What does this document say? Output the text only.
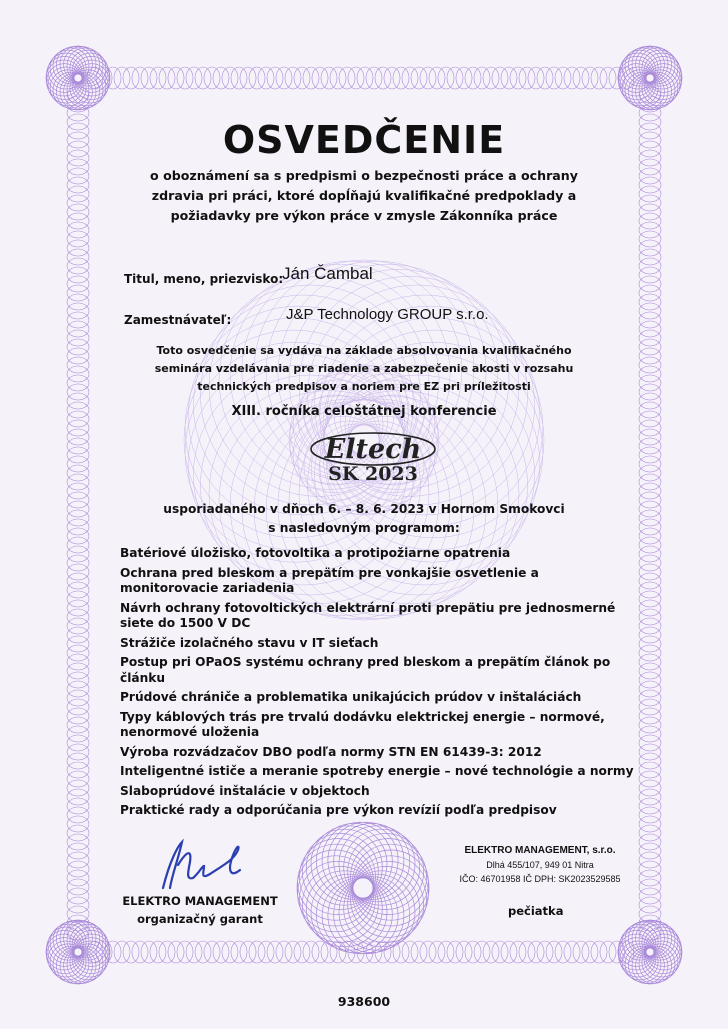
Eltech
SK 2023
OSVEDČENIE
o oboznámení sa s predpismi o bezpečnosti práce a ochrany
zdravia pri práci, ktoré dopĺňajú kvalifikačné predpoklady a
požiadavky pre výkon práce v zmysle Zákonníka práce
Titul, meno, priezvisko:
Ján Čambal
Zamestnávateľ:	J&P Technology GROUP s.r.o.
Toto osvedčenie sa vydáva na základe absolvovania kvalifikačného
seminára vzdelávania pre riadenie a zabezpečenie akosti v rozsahu
technických predpisov a noriem pre EZ pri príležitosti
XIII. ročníka celoštátnej konferencie
usporiadaného v dňoch 6. – 8. 6. 2023 v Hornom Smokovci
s nasledovným programom:
Batériové úložisko, fotovoltika a protipožiarne opatrenia
Ochrana pred bleskom a prepätím pre vonkajšie osvetlenie a monitorovacie zariadenia
Návrh ochrany fotovoltických elektrární proti prepätiu pre jednosmerné siete do 1500 V DC
Strážiče izolačného stavu v IT sieťach
Postup pri OPaOS systému ochrany pred bleskom a prepätím článok po článku
Prúdové chrániče a problematika unikajúcich prúdov v inštaláciách
Typy káblových trás pre trvalú dodávku elektrickej energie – normové, nenormové uloženia
Výroba rozvádzačov DBO podľa normy STN EN 61439-3: 2012
Inteligentné ističe a meranie spotreby energie – nové technológie a normy
Slaboprúdové inštalácie v objektoch
Praktické rady a odporúčania pre výkon revízií podľa predpisov
ELEKTRO MANAGEMENT
organizačný garant
ELEKTRO MANAGEMENT, s.r.o.
Dlhá 455/107, 949 01 Nitra
IČO: 46701958 IČ DPH: SK2023529585
pečiatka
938600
